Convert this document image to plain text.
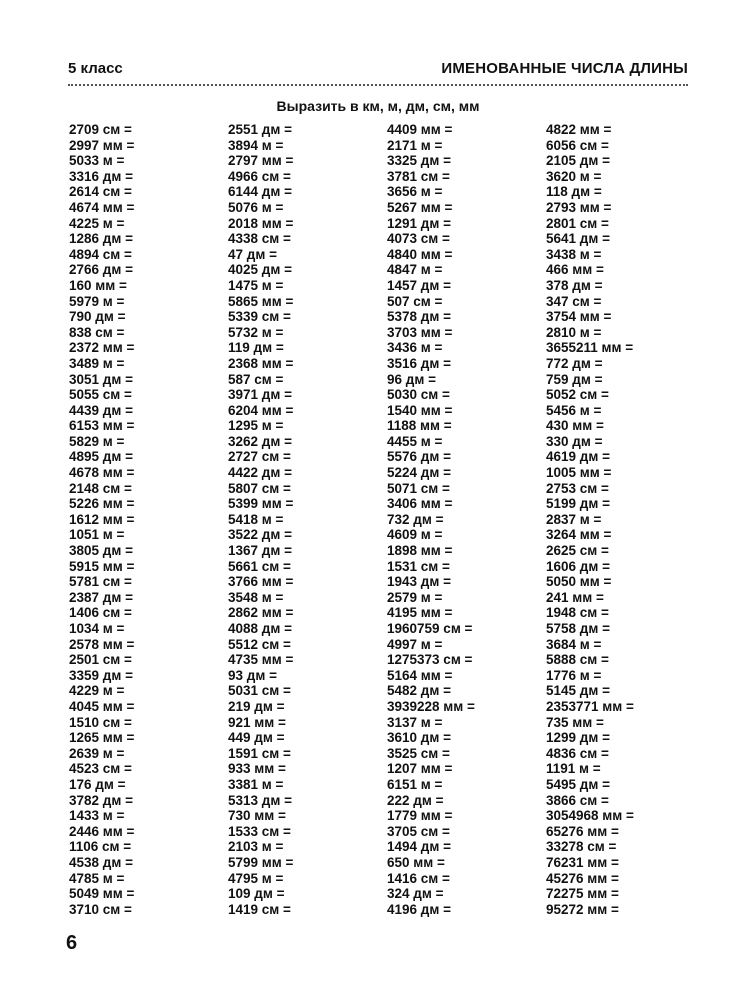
5 класс	ИМЕНОВАННЫЕ ЧИСЛА ДЛИНЫ
Выразить в км, м, дм, см, мм
2709 см =
2997 мм =
5033 м =
3316 дм =
2614 см =
4674 мм =
4225 м =
1286 дм =
4894 см =
2766 дм =
160 мм =
5979 м =
790 дм =
838 см =
2372 мм =
3489 м =
3051 дм =
5055 см =
4439 дм =
6153 мм =
5829 м =
4895 дм =
4678 мм =
2148 см =
5226 мм =
1612 мм =
1051 м =
3805 дм =
5915 мм =
5781 см =
2387 дм =
1406 см =
1034 м =
2578 мм =
2501 см =
3359 дм =
4229 м =
4045 мм =
1510 см =
1265 мм =
2639 м =
4523 см =
176 дм =
3782 дм =
1433 м =
2446 мм =
1106 см =
4538 дм =
4785 м =
5049 мм =
3710 см =
2551 дм =
3894 м =
2797 мм =
4966 см =
6144 дм =
5076 м =
2018 мм =
4338 см =
47 дм =
4025 дм =
1475 м =
5865 мм =
5339 см =
5732 м =
119 дм =
2368 мм =
587 см =
3971 дм =
6204 мм =
1295 м =
3262 дм =
2727 см =
4422 дм =
5807 см =
5399 мм =
5418 м =
3522 дм =
1367 дм =
5661 см =
3766 мм =
3548 м =
2862 мм =
4088 дм =
5512 см =
4735 мм =
93 дм =
5031 см =
219 дм =
921 мм =
449 дм =
1591 см =
933 мм =
3381 м =
5313 дм =
730 мм =
1533 см =
2103 м =
5799 мм =
4795 м =
109 дм =
1419 см =
4409 мм =
2171 м =
3325 дм =
3781 см =
3656 м =
5267 мм =
1291 дм =
4073 см =
4840 мм =
4847 м =
1457 дм =
507 см =
5378 дм =
3703 мм =
3436 м =
3516 дм =
96 дм =
5030 см =
1540 мм =
1188 мм =
4455 м =
5576 дм =
5224 дм =
5071 см =
3406 мм =
732 дм =
4609 м =
1898 мм =
1531 см =
1943 дм =
2579 м =
4195 мм =
1960759 см =
4997 м =
1275373 см =
5164 мм =
5482 дм =
3939228 мм =
3137 м =
3610 дм =
3525 см =
1207 мм =
6151 м =
222 дм =
1779 мм =
3705 см =
1494 дм =
650 мм =
1416 см =
324 дм =
4196 дм =
4822 мм =
6056 см =
2105 дм =
3620 м =
118 дм =
2793 мм =
2801 см =
5641 дм =
3438 м =
466 мм =
378 дм =
347 см =
3754 мм =
2810 м =
3655211 мм =
772 дм =
759 дм =
5052 см =
5456 м =
430 мм =
330 дм =
4619 дм =
1005 мм =
2753 см =
5199 дм =
2837 м =
3264 мм =
2625 см =
1606 дм =
5050 мм =
241 мм =
1948 см =
5758 дм =
3684 м =
5888 см =
1776 м =
5145 дм =
2353771 мм =
735 мм =
1299 дм =
4836 см =
1191 м =
5495 дм =
3866 см =
3054968 мм =
65276 мм =
33278 см =
76231 мм =
45276 мм =
72275 мм =
95272 мм =
6
